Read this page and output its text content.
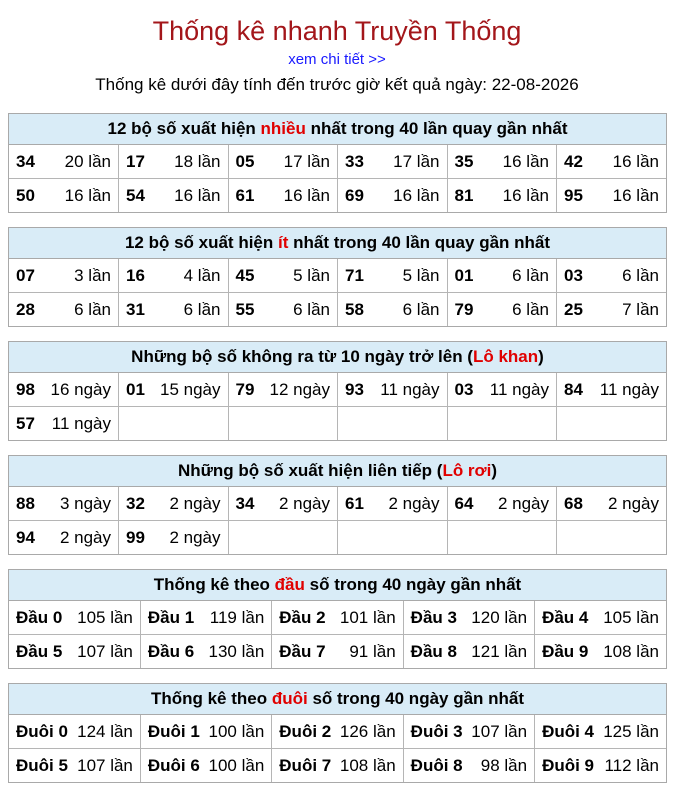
Thống kê nhanh Truyền Thống
xem chi tiết >>
Thống kê dưới đây tính đến trước giờ kết quả ngày: 22-08-2026
12 bộ số xuất hiện nhiều nhất trong 40 lần quay gần nhất
34 20 lần	17 18 lần	05 17 lần	33 17 lần	35 16 lần	42 16 lần

50 16 lần	54 16 lần	61 16 lần	69 16 lần	81 16 lần	95 16 lần
12 bộ số xuất hiện ít nhất trong 40 lần quay gần nhất
07 3 lần	16 4 lần	45 5 lần	71 5 lần	01 6 lần	03 6 lần

28 6 lần	31 6 lần	55 6 lần	58 6 lần	79 6 lần	25 7 lần
Những bộ số không ra từ 10 ngày trở lên (Lô khan)
98 16 ngày	01 15 ngày	79 12 ngày	93 11 ngày	03 11 ngày	84 11 ngày

57 11 ngày					

Những bộ số xuất hiện liên tiếp (Lô rơi)
88 3 ngày	32 2 ngày	34 2 ngày	61 2 ngày	64 2 ngày	68 2 ngày

94 2 ngày	99 2 ngày				

Thống kê theo đầu số trong 40 ngày gần nhất
Đầu 0 105 lần	Đầu 1 119 lần	Đầu 2 101 lần	Đầu 3 120 lần	Đầu 4 105 lần

Đầu 5 107 lần	Đầu 6 130 lần	Đầu 7 91 lần	Đầu 8 121 lần	Đầu 9 108 lần
Thống kê theo đuôi số trong 40 ngày gần nhất
Đuôi 0 124 lần	Đuôi 1 100 lần	Đuôi 2 126 lần	Đuôi 3 107 lần	Đuôi 4 125 lần

Đuôi 5 107 lần	Đuôi 6 100 lần	Đuôi 7 108 lần	Đuôi 8 98 lần	Đuôi 9 112 lần
